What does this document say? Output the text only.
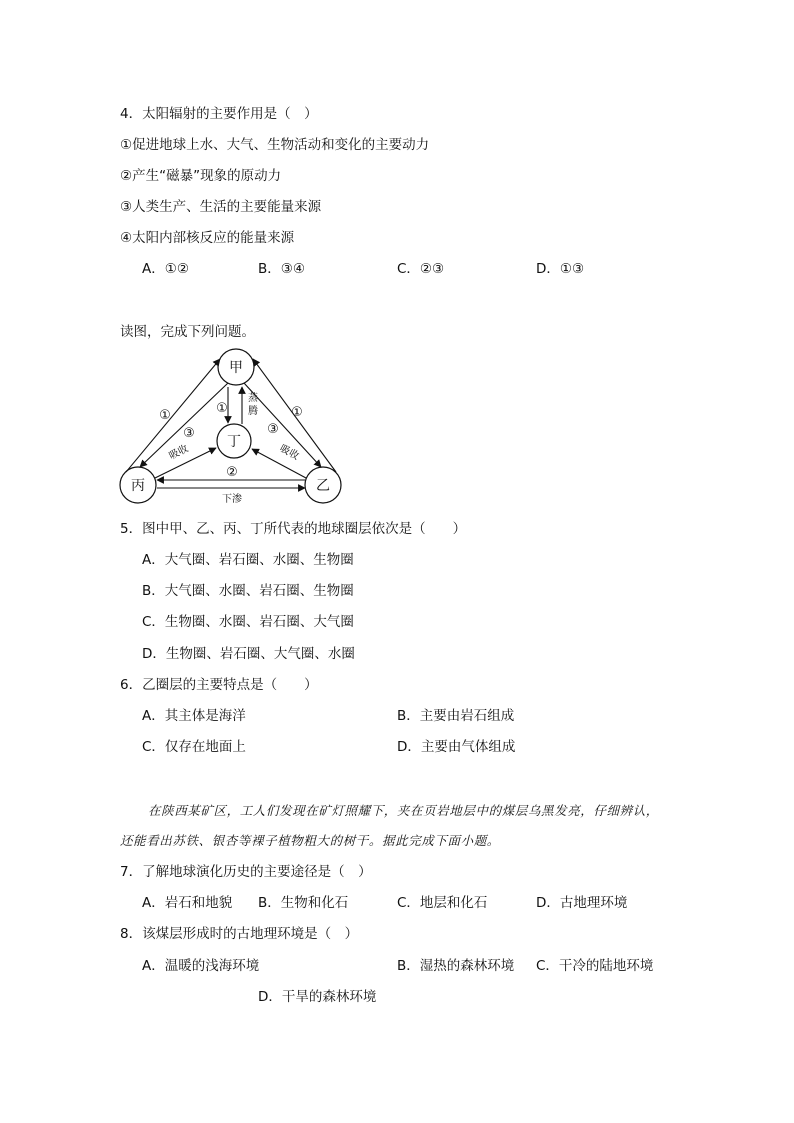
4．太阳辐射的主要作用是（　）
①促进地球上水、大气、生物活动和变化的主要动力
②产生“磁暴”现象的原动力
③人类生产、生活的主要能量来源
④太阳内部核反应的能量来源
A．①②	B．③④	C．②③	D．①③
读图，完成下列问题。
甲
丁
丙	乙
①
③
①
蒸
腾
③
①
吸收	吸收
②
下渗
5．图中甲、乙、丙、丁所代表的地球圈层依次是（　　）
A．大气圈、岩石圈、水圈、生物圈
B．大气圈、水圈、岩石圈、生物圈
C．生物圈、水圈、岩石圈、大气圈
D．生物圈、岩石圈、大气圈、水圈
6．乙圈层的主要特点是（　　）
A．其主体是海洋	B．主要由岩石组成
C．仅存在地面上	D．主要由气体组成
在陕西某矿区，工人们发现在矿灯照耀下，夹在页岩地层中的煤层乌黑发亮，仔细辨认，
还能看出苏铁、银杏等裸子植物粗大的树干。据此完成下面小题。
7．了解地球演化历史的主要途径是（　）
A．岩石和地貌 B．生物和化石	C．地层和化石	D．古地理环境
8．该煤层形成时的古地理环境是（　）
A．温暖的浅海环境	B．湿热的森林环境 C．干冷的陆地环境
D．干旱的森林环境
